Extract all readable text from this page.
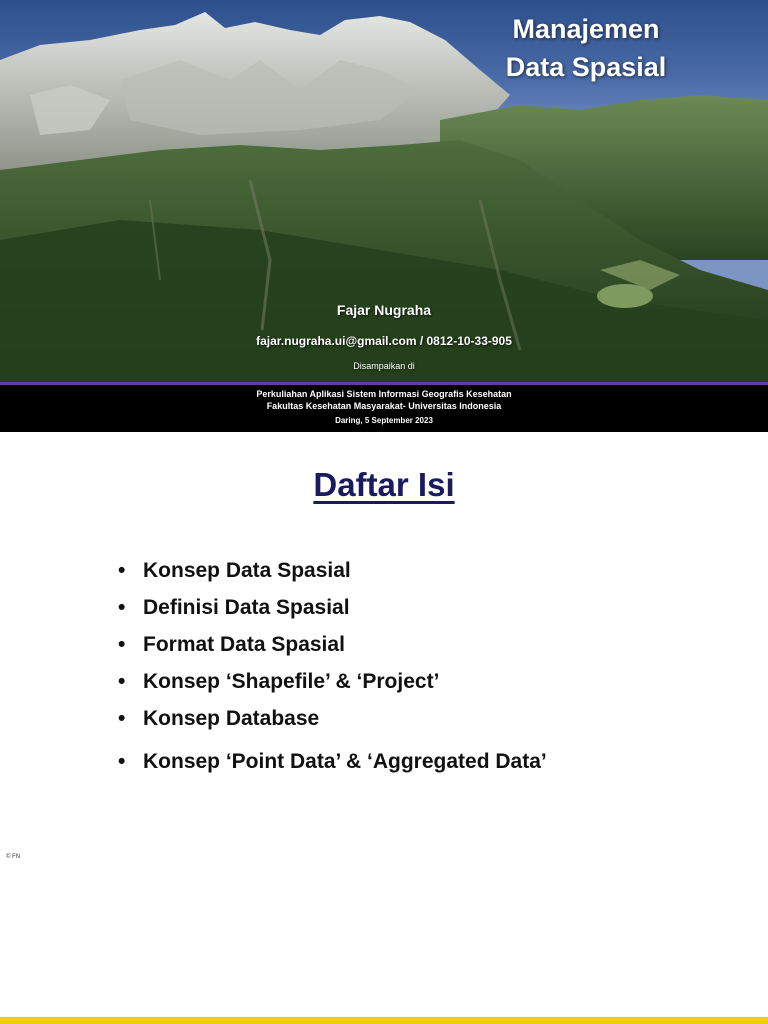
Manajemen
Data Spasial
Fajar Nugraha
fajar.nugraha.ui@gmail.com / 0812-10-33-905
Disampaikan di
Perkuliahan Aplikasi Sistem Informasi Geografis Kesehatan
Fakultas Kesehatan Masyarakat- Universitas Indonesia
Daring, 5 September 2023
Daftar Isi
• Konsep Data Spasial
• Definisi Data Spasial
• Format Data Spasial
• Konsep ‘Shapefile’ & ‘Project’
• Konsep Database
• Konsep ‘Point Data’ & ‘Aggregated Data’
© FN
